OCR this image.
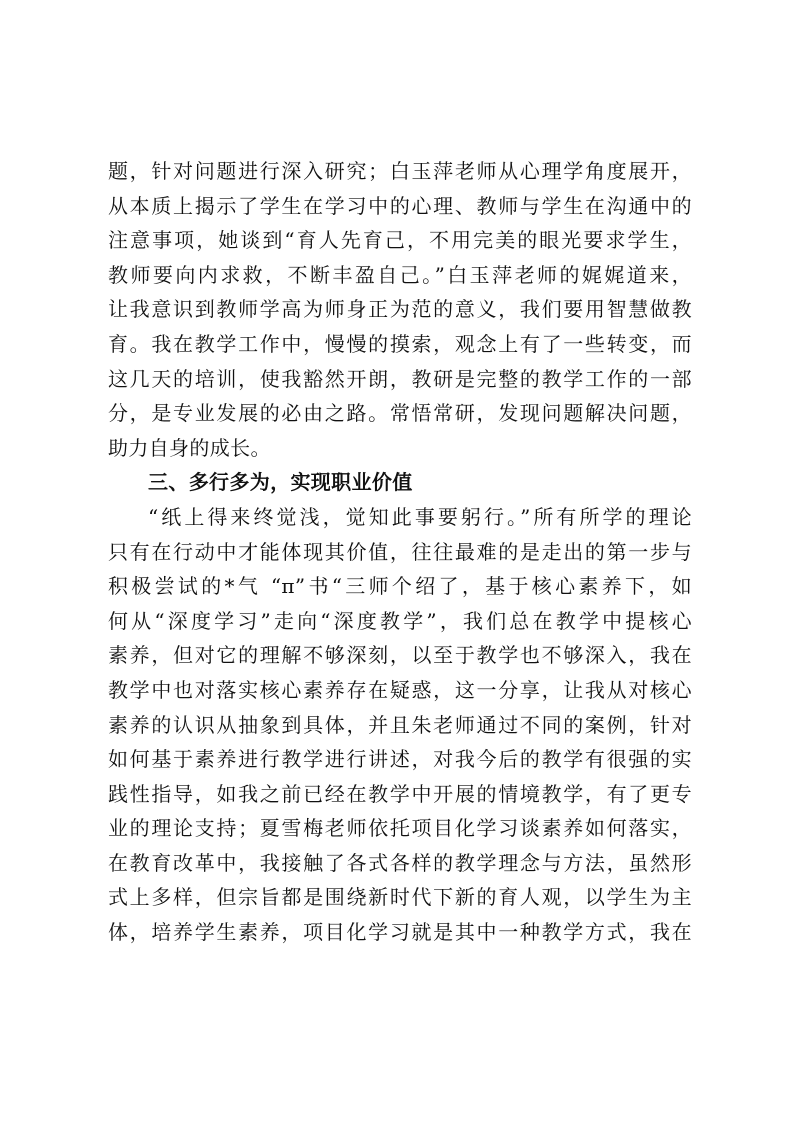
题，针对问题进行深入研究；白玉萍老师从心理学角度展开，
从本质上揭示了学生在学习中的心理、教师与学生在沟通中的
注意事项，她谈到“育人先育己，不用完美的眼光要求学生，
教师要向内求救，不断丰盈自己。”白玉萍老师的娓娓道来，
让我意识到教师学高为师身正为范的意义，我们要用智慧做教
育。我在教学工作中，慢慢的摸索，观念上有了一些转变，而
这几天的培训，使我豁然开朗，教研是完整的教学工作的一部
分，是专业发展的必由之路。常悟常研，发现问题解决问题，
助力自身的成长。
三、多行多为，实现职业价值
“纸上得来终觉浅，觉知此事要躬行。”所有所学的理论
只有在行动中才能体现其价值，往往最难的是走出的第一步与
积极尝试的*气 “π”书“三师个绍了，基于核心素养下，如
何从“深度学习”走向“深度教学”，我们总在教学中提核心
素养，但对它的理解不够深刻，以至于教学也不够深入，我在
教学中也对落实核心素养存在疑惑，这一分享，让我从对核心
素养的认识从抽象到具体，并且朱老师通过不同的案例，针对
如何基于素养进行教学进行讲述，对我今后的教学有很强的实
践性指导，如我之前已经在教学中开展的情境教学，有了更专
业的理论支持；夏雪梅老师依托项目化学习谈素养如何落实，
在教育改革中，我接触了各式各样的教学理念与方法，虽然形
式上多样，但宗旨都是围绕新时代下新的育人观，以学生为主
体，培养学生素养，项目化学习就是其中一种教学方式，我在
